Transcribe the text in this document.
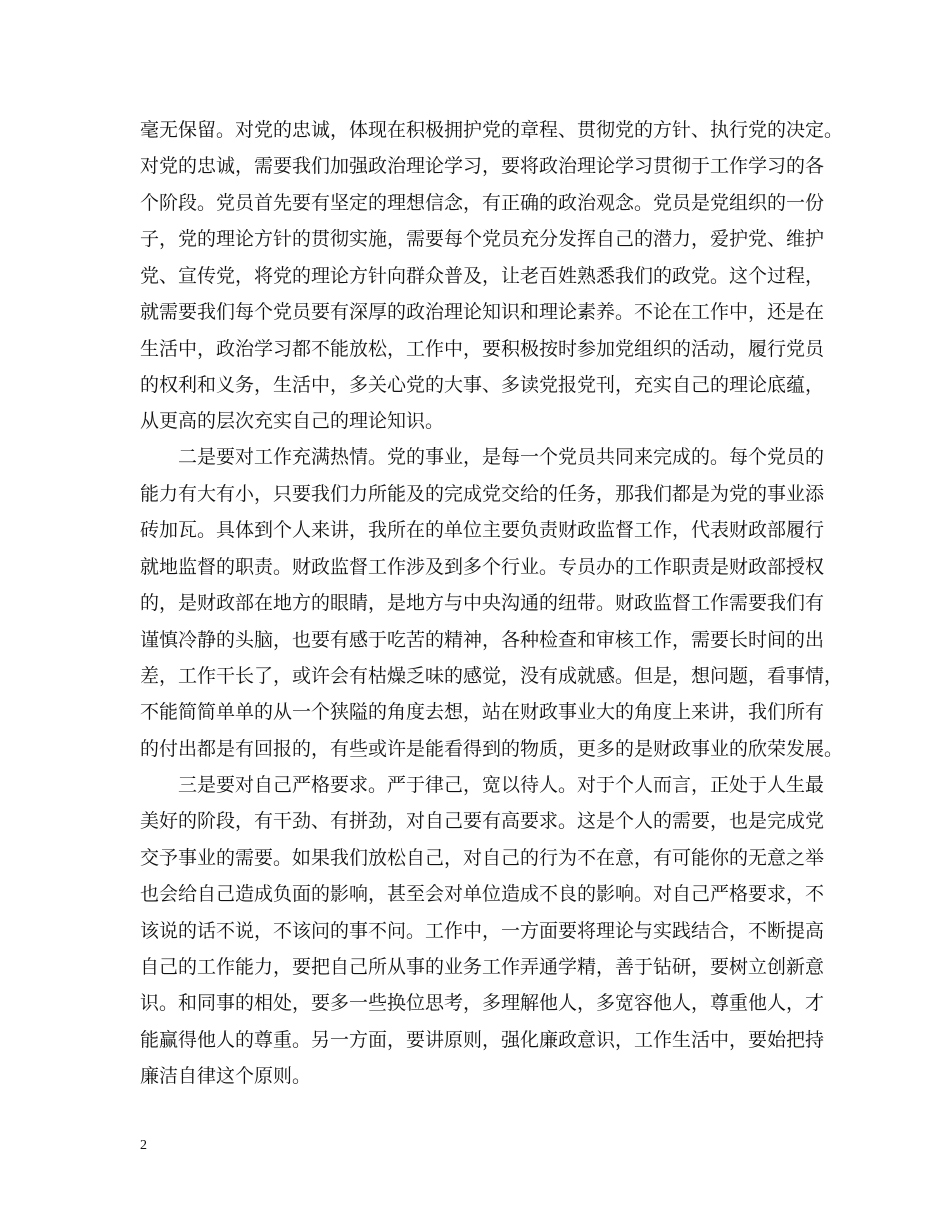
毫无保留。对党的忠诚，体现在积极拥护党的章程、贯彻党的方针、执行党的决定。

对党的忠诚，需要我们加强政治理论学习，要将政治理论学习贯彻于工作学习的各

个阶段。党员首先要有坚定的理想信念，有正确的政治观念。党员是党组织的一份

子，党的理论方针的贯彻实施，需要每个党员充分发挥自己的潜力，爱护党、维护

党、宣传党，将党的理论方针向群众普及，让老百姓熟悉我们的政党。这个过程，

就需要我们每个党员要有深厚的政治理论知识和理论素养。不论在工作中，还是在

生活中，政治学习都不能放松，工作中，要积极按时参加党组织的活动，履行党员

的权利和义务，生活中，多关心党的大事、多读党报党刊，充实自己的理论底蕴，

从更高的层次充实自己的理论知识。

二是要对工作充满热情。党的事业，是每一个党员共同来完成的。每个党员的

能力有大有小，只要我们力所能及的完成党交给的任务，那我们都是为党的事业添

砖加瓦。具体到个人来讲，我所在的单位主要负责财政监督工作，代表财政部履行

就地监督的职责。财政监督工作涉及到多个行业。专员办的工作职责是财政部授权

的，是财政部在地方的眼睛，是地方与中央沟通的纽带。财政监督工作需要我们有

谨慎冷静的头脑，也要有感于吃苦的精神，各种检查和审核工作，需要长时间的出

差，工作干长了，或许会有枯燥乏味的感觉，没有成就感。但是，想问题，看事情，

不能简简单单的从一个狭隘的角度去想，站在财政事业大的角度上来讲，我们所有

的付出都是有回报的，有些或许是能看得到的物质，更多的是财政事业的欣荣发展。

三是要对自己严格要求。严于律己，宽以待人。对于个人而言，正处于人生最

美好的阶段，有干劲、有拼劲，对自己要有高要求。这是个人的需要，也是完成党

交予事业的需要。如果我们放松自己，对自己的行为不在意，有可能你的无意之举

也会给自己造成负面的影响，甚至会对单位造成不良的影响。对自己严格要求，不

该说的话不说，不该问的事不问。工作中，一方面要将理论与实践结合，不断提高

自己的工作能力，要把自己所从事的业务工作弄通学精，善于钻研，要树立创新意

识。和同事的相处，要多一些换位思考，多理解他人，多宽容他人，尊重他人，才

能赢得他人的尊重。另一方面，要讲原则，强化廉政意识，工作生活中，要始把持

廉洁自律这个原则。

2
